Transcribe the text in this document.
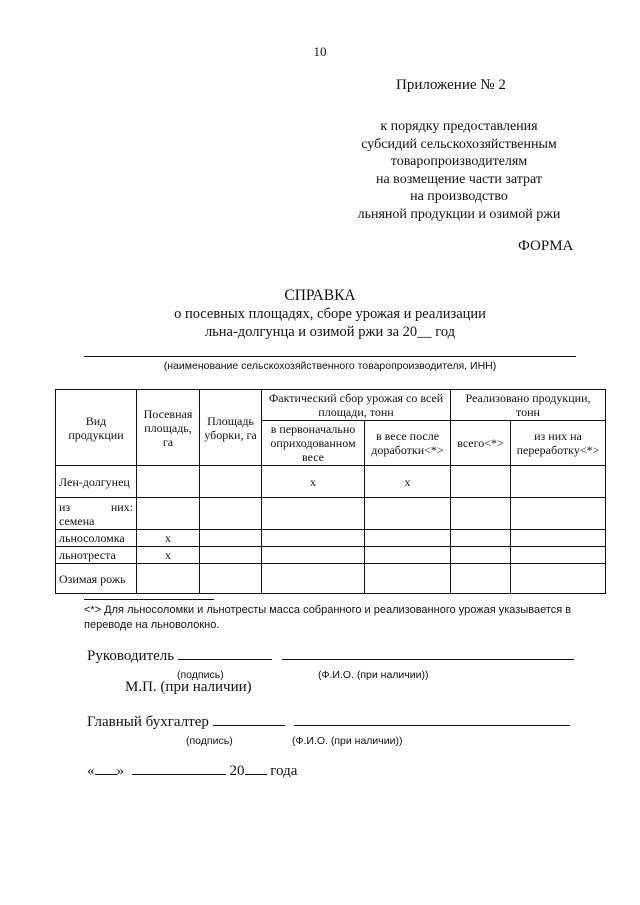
10
Приложение № 2
к порядку предоставления
субсидий сельскохозяйственным
товаропроизводителям
на возмещение части затрат
на производство
льняной продукции и озимой ржи
ФОРМА
СПРАВКА
о посевных площадях, сборе урожая и реализации
льна-долгунца и озимой ржи за 20__ год
(наименование сельскохозяйственного товаропроизводителя, ИНН)
Вид продукции	Посевная площадь, га	Площадь уборки, га	Фактический сбор урожая со всей площади, тонн		Реализовано продукции, тонн	
			в первоначально оприходованном весе	в весе после доработки<*>	всего<*>	из них на переработку<*>

Лен-долгунец			х	х		

из них:
семена						

льносоломка	х					
льнотреста	х					
Озимая рожь						
<*> Для льносоломки и льнотресты масса собранного и реализованного урожая указывается в переводе на льноволокно.
Руководитель
(подпись)	(Ф.И.О. (при наличии))
М.П. (при наличии)
Главный бухгалтер
(подпись)	(Ф.И.О. (при наличии))
« »	20 года
